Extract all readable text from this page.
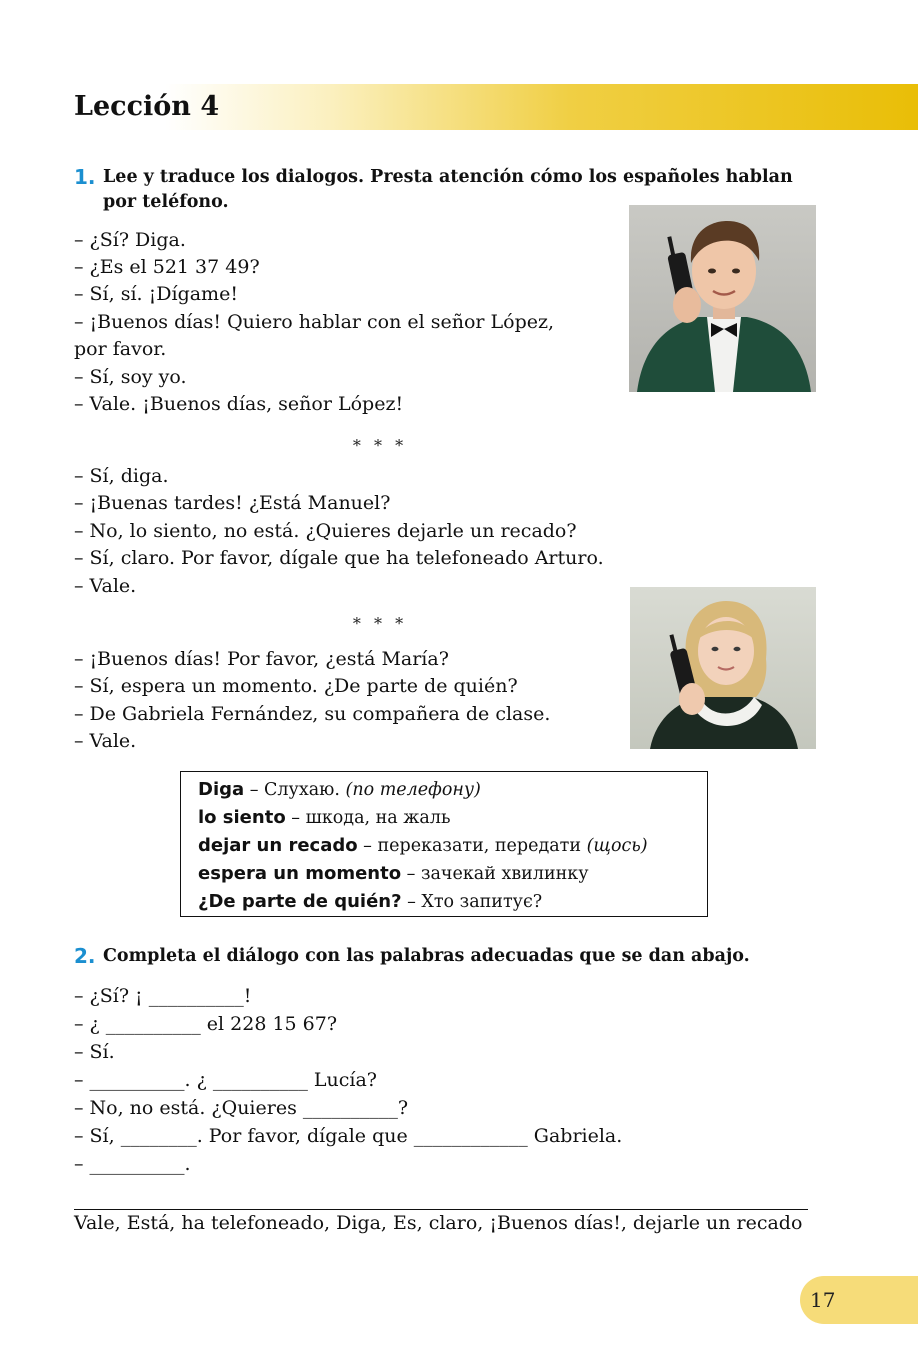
Lección 4
1. Lee y traduce los dialogos. Presta atención cómo los españoles hablan

por teléfono.

– ¿Sí? Diga.
– ¿Es el 521 37 49?
– Sí, sí. ¡Dígame!
– ¡Buenos días! Quiero hablar con el señor López,
por favor.
– Sí, soy yo.
– Vale. ¡Buenos días, señor López!
* * *
– Sí, diga.
– ¡Buenas tardes! ¿Está Manuel?
– No, lo siento, no está. ¿Quieres dejarle un recado?
– Sí, claro. Por favor, dígale que ha telefoneado Arturo.
– Vale.
* * *
– ¡Buenos días! Por favor, ¿está María?
– Sí, espera un momento. ¿De parte de quién?
– De Gabriela Fernández, su compañera de clase.
– Vale.
Diga – Слухаю. (по телефону)
lo siento – шкода, на жаль
dejar un recado – переказати, передати (щось)
espera un momento – зачекай хвилинку
¿De parte de quién? – Хто запитує?
2. Completa el diálogo con las palabras adecuadas que se dan abajo.

– ¿Sí? ¡ __________!
– ¿ __________ el 228 15 67?
– Sí.
– __________. ¿ __________ Lucía?
– No, no está. ¿Quieres __________?
– Sí, ________. Por favor, dígale que ____________ Gabriela.
– __________.
Vale, Está, ha telefoneado, Diga, Es, claro, ¡Buenos días!, dejarle un recado
17
